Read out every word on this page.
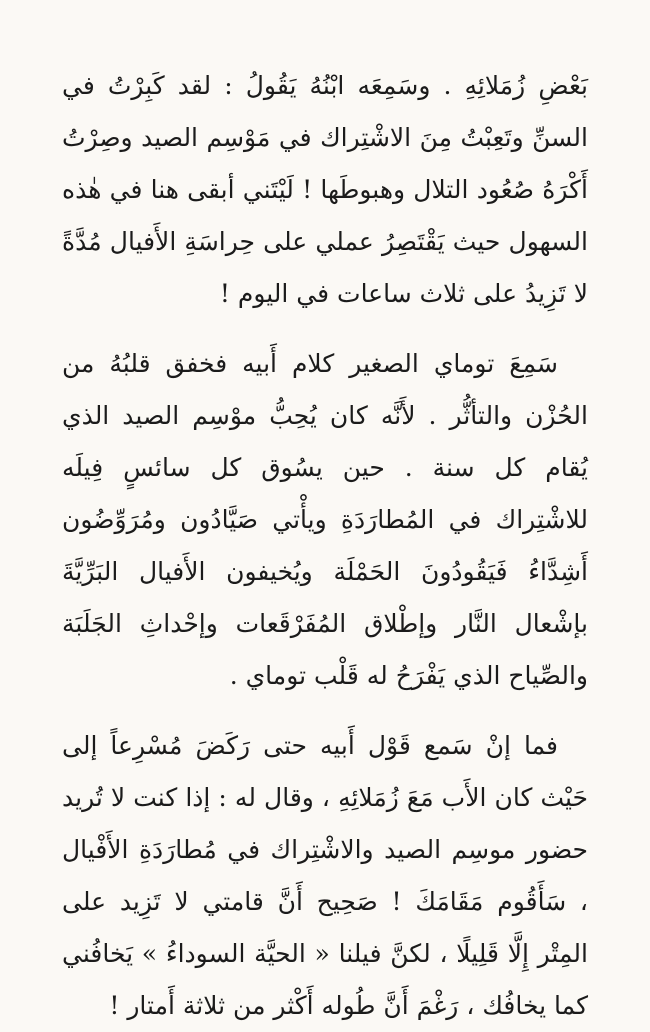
بَعْضِ زُمَلائِهِ . وسَمِعَه ابْنُهُ يَقُولُ : لقد كَبِرْتُ في السنِّ وتَعِبْتُ مِنَ الاشْتِراك في مَوْسِم الصيد وصِرْتُ أَكْرَهُ صُعُود التلال وهبوطَها ! لَيْتَني أبقى هنا في هٰذه السهول حيث يَقْتَصِرُ عملي على حِراسَةِ الأَفيال مُدَّةً لا تَزِيدُ على ثلاث ساعات في اليوم !

سَمِعَ توماي الصغير كلام أَبيه فخفق قلبُهُ من الحُزْن والتأثُّر . لأَنَّه كان يُحِبُّ موْسِم الصيد الذي يُقام كل سنة . حين يسُوق كل سائسٍ فِيلَه للاشْتِراك في المُطارَدَةِ ويأْتي صَيَّادُون ومُرَوِّضُون أَشِدَّاءُ فَيَقُودُونَ الحَمْلَة ويُخيفون الأَفيال البَرِّيَّةَ بإشْعال النَّار وإطْلاق المُفَرْقَعات وإحْداثِ الجَلَبَة والصِّياح الذي يَفْرَحُ له قَلْب توماي .

فما إنْ سَمع قَوْل أَبيه حتى رَكَضَ مُسْرِعاً إلى حَيْث كان الأَب مَعَ زُمَلائِهِ ، وقال له : إذا كنت لا تُريد حضور موسِم الصيد والاشْتِراك في مُطارَدَةِ الأَفْيال ، سَأَقُوم مَقَامَكَ ! صَحِيح أَنَّ قامتي لا تَزِيد على المِتْر إِلَّا قَلِيلًا ، لكنَّ فيلنا « الحيَّة السوداءُ » يَخافُني كما يخافُك ، رَغْمَ أَنَّ طُوله أَكْثر من ثلاثة أَمتار !
